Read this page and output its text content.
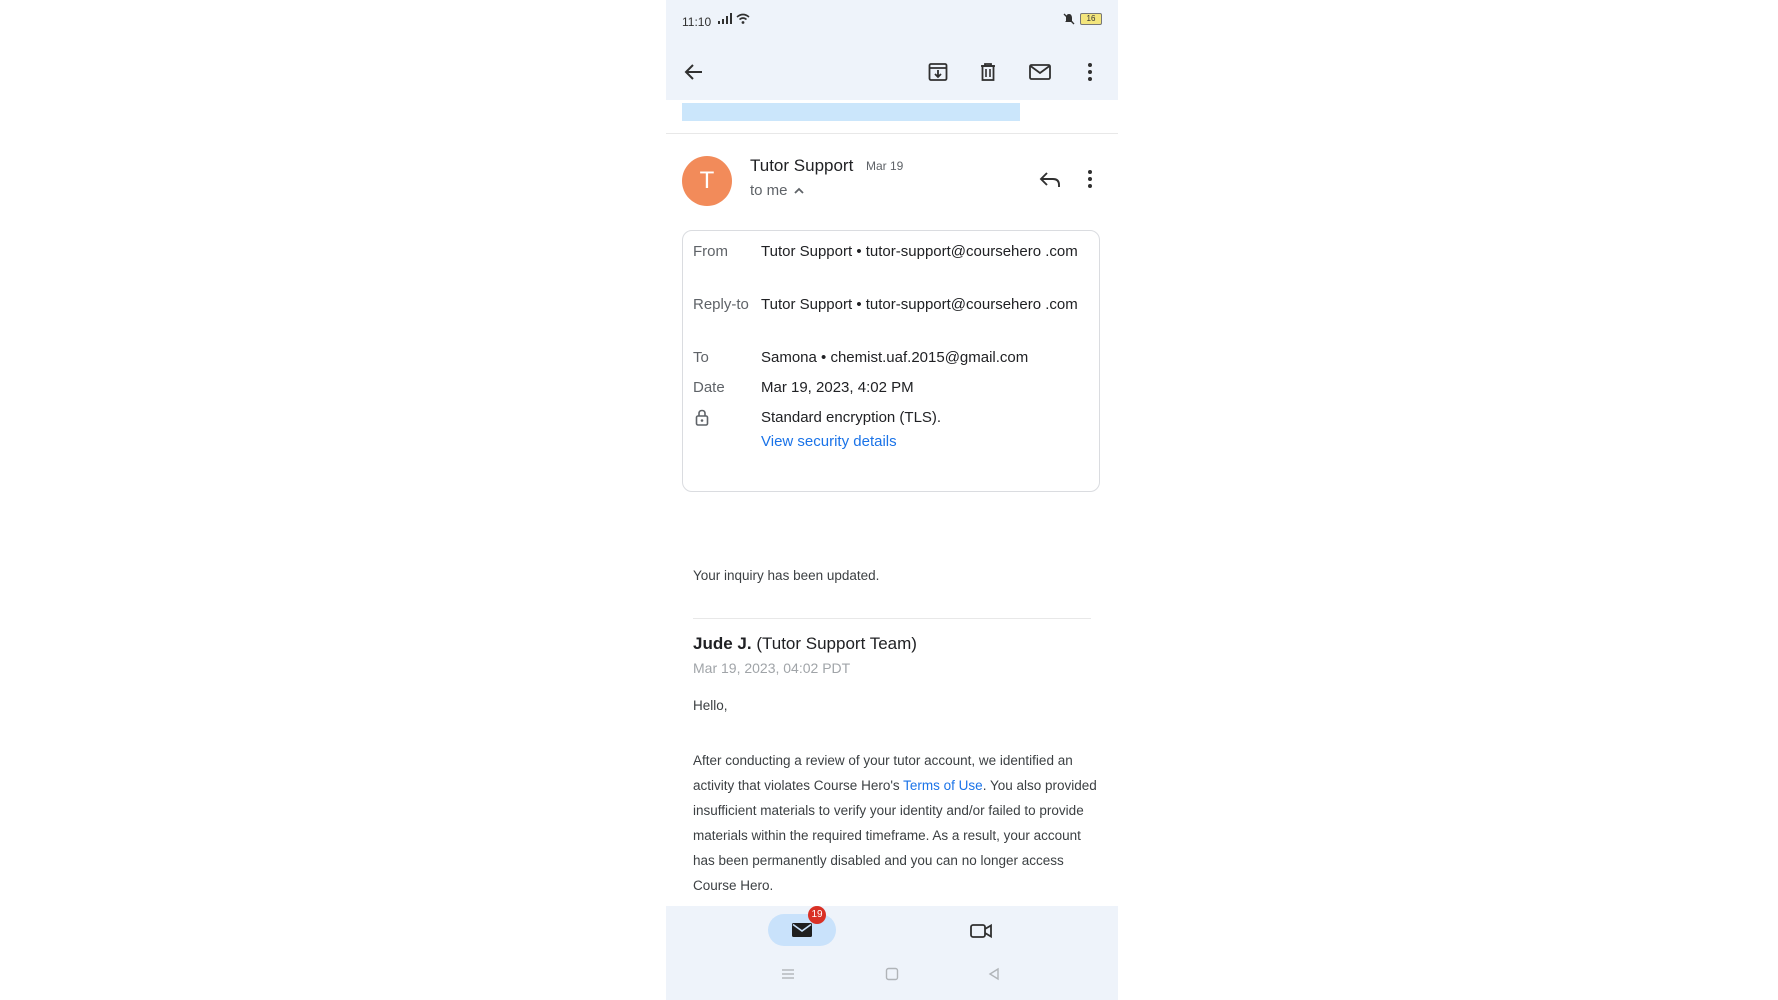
11:10	16
T
Tutor Support Mar 19
to me
From Tutor Support • tutor-support@coursehero .com
Reply-to Tutor Support • tutor-support@coursehero .com
To	Samona • chemist.uaf.2015@gmail.com
Date Mar 19, 2023, 4:02 PM
Standard encryption (TLS).
View security details
Your inquiry has been updated.
Jude J. (Tutor Support Team)
Mar 19, 2023, 04:02 PDT
Hello,
After conducting a review of your tutor account, we identified an activity that violates Course Hero's Terms of Use. You also provided insufficient materials to verify your identity and/or failed to provide materials within the required timeframe. As a result, your account has been permanently disabled and you can no longer access Course Hero.
19
